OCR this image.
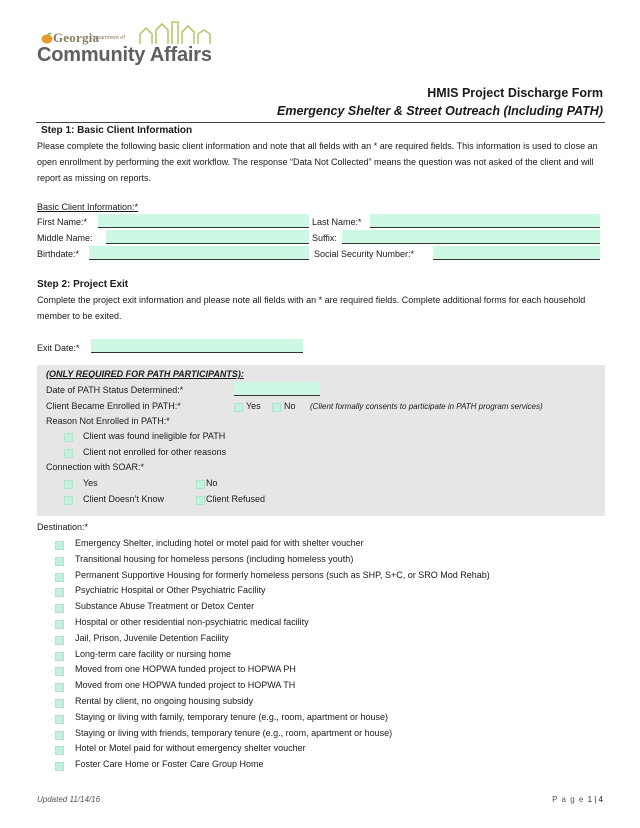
Georgia
Department of
Community Affairs
HMIS Project Discharge Form
Emergency Shelter & Street Outreach (Including PATH)
Step 1: Basic Client Information
Please complete the following basic client information and note that all fields with an * are required fields. This information is used to close an open enrollment by performing the exit workflow. The response “Data Not Collected” means the question was not asked of the client and will report as missing on reports.
Basic Client Information:*
First Name:*	Last Name:*
Middle Name:	Suffix:
Birthdate:*	Social Security Number:*
Step 2: Project Exit
Complete the project exit information and please note all fields with an * are required fields. Complete additional forms for each household member to be exited.
Exit Date:*
(ONLY REQUIRED FOR PATH PARTICIPANTS):
Date of PATH Status Determined:*
Client Became Enrolled in PATH:*	Yes	No (Client formally consents to participate in PATH program services)
Reason Not Enrolled in PATH:*
Client was found ineligible for PATH
Client not enrolled for other reasons
Connection with SOAR:*
Yes	No
Client Doesn’t Know	Client Refused
Destination:*
Emergency Shelter, including hotel or motel paid for with shelter voucher
Transitional housing for homeless persons (including homeless youth)
Permanent Supportive Housing for formerly homeless persons (such as SHP, S+C, or SRO Mod Rehab)
Psychiatric Hospital or Other Psychiatric Facility
Substance Abuse Treatment or Detox Center
Hospital or other residential non-psychiatric medical facility
Jail, Prison, Juvenile Detention Facility
Long-term care facility or nursing home
Moved from one HOPWA funded project to HOPWA PH
Moved from one HOPWA funded project to HOPWA TH
Rental by client, no ongoing housing subsidy
Staying or living with family, temporary tenure (e.g., room, apartment or house)
Staying or living with friends, temporary tenure (e.g., room, apartment or house)
Hotel or Motel paid for without emergency shelter voucher
Foster Care Home or Foster Care Group Home
Updated 11/14/16	P a g e 1 | 4
